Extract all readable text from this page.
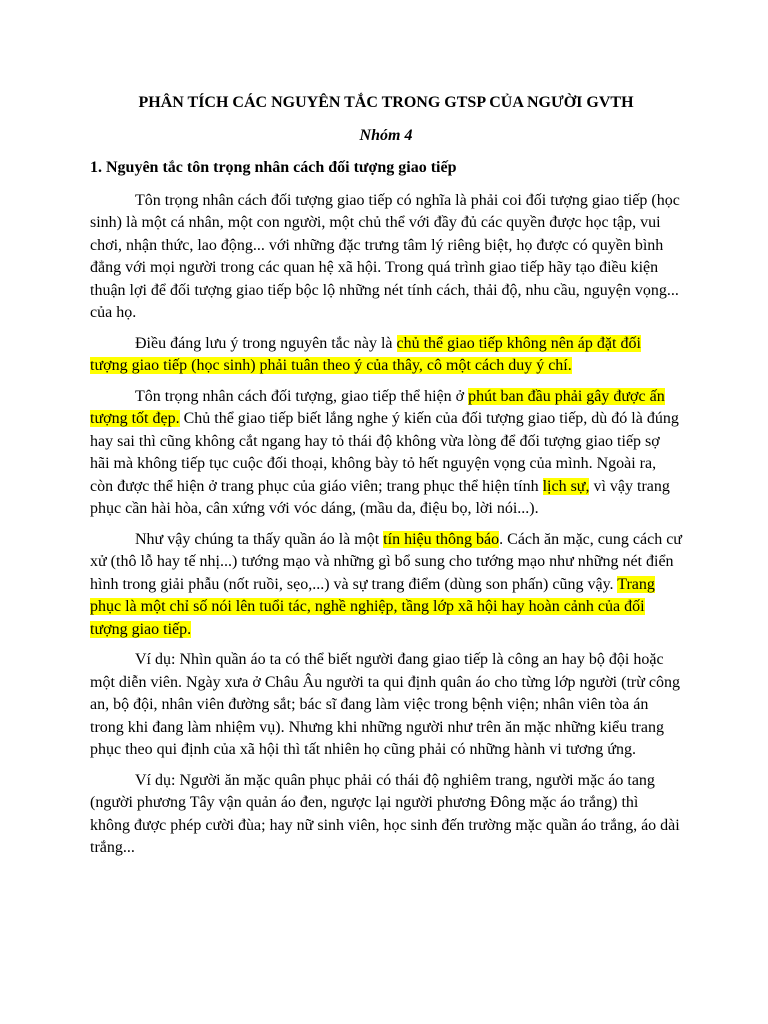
PHÂN TÍCH CÁC NGUYÊN TẮC TRONG GTSP CỦA NGƯỜI GVTH

Nhóm 4

1. Nguyên tắc tôn trọng nhân cách đối tượng giao tiếp

Tôn trọng nhân cách đối tượng giao tiếp có nghĩa là phải coi đối tượng giao tiếp (học sinh) là một cá nhân, một con người, một chủ thể với đầy đủ các quyền được học tập, vui chơi, nhận thức, lao động... với những đặc trưng tâm lý riêng biệt, họ được có quyền bình đẳng với mọi người trong các quan hệ xã hội. Trong quá trình giao tiếp hãy tạo điều kiện thuận lợi để đối tượng giao tiếp bộc lộ những nét tính cách, thải độ, nhu cầu, nguyện vọng... của họ.

Điều đáng lưu ý trong nguyên tắc này là chủ thể giao tiếp không nên áp đặt đối tượng giao tiếp (học sinh) phải tuân theo ý của thây, cô một cách duy ý chí.

Tôn trọng nhân cách đối tượng, giao tiếp thể hiện ở phút ban đầu phải gây được ấn tượng tốt đẹp. Chủ thể giao tiếp biết lắng nghe ý kiến của đối tượng giao tiếp, dù đó là đúng hay sai thì cũng không cắt ngang hay tỏ thái độ không vừa lòng để đối tượng giao tiếp sợ hãi mà không tiếp tục cuộc đối thoại, không bày tỏ hết nguyện vọng của mình. Ngoài ra, còn được thể hiện ở trang phục của giáo viên; trang phục thể hiện tính lịch sự, vì vậy trang phục cần hài hòa, cân xứng với vóc dáng, (mầu da, điệu bọ, lời nói...).

Như vậy chúng ta thấy quần áo là một tín hiệu thông báo. Cách ăn mặc, cung cách cư xử (thô lỗ hay tế nhị...) tướng mạo và những gì bổ sung cho tướng mạo như những nét điển hình trong giải phẫu (nốt ruồi, sẹo,...) và sự trang điểm (dùng son phấn) cũng vậy. Trang phục là một chỉ số nói lên tuổi tác, nghề nghiệp, tầng lớp xã hội hay hoàn cảnh của đối tượng giao tiếp.

Ví dụ: Nhìn quần áo ta có thể biết người đang giao tiếp là công an hay bộ đội hoặc một diễn viên. Ngày xưa ở Châu Âu người ta qui định quân áo cho từng lớp người (trừ công an, bộ đội, nhân viên đường sắt; bác sĩ đang làm việc trong bệnh viện; nhân viên tòa án trong khi đang làm nhiệm vụ). Nhưng khi những người như trên ăn mặc những kiểu trang phục theo qui định của xã hội thì tất nhiên họ cũng phải có những hành vi tương ứng.

Ví dụ: Người ăn mặc quân phục phải có thái độ nghiêm trang, người mặc áo tang (người phương Tây vận quản áo đen, ngược lại người phương Đông mặc áo trắng) thì không được phép cười đùa; hay nữ sinh viên, học sinh đến trường mặc quần áo trắng, áo dài trắng...
